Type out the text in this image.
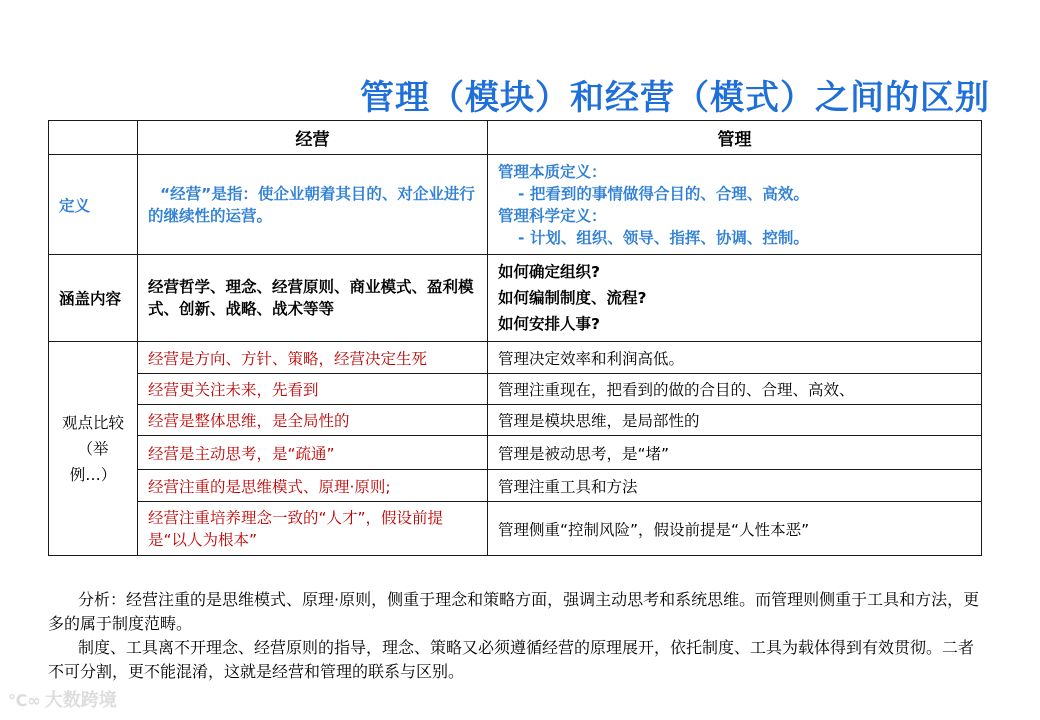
管理（模块）和经营（模式）之间的区别
	经营	管理
定义	“经营”是指：使企业朝着其目的、对企业进行的继续性的运营。	管理本质定义：

- 把看到的事情做得合目的、合理、高效。
管理科学定义：

- 计划、组织、领导、指挥、协调、控制。

涵盖内容	经营哲学、理念、经营原则、商业模式、盈利模式、创新、战略、战术等等	如何确定组织?
如何编制制度、流程?
如何安排人事?
观点比较
（举例…）	经营是方向、方针、策略，经营决定生死	管理决定效率和利润高低。
	经营更关注未来，先看到	管理注重现在，把看到的做的合目的、合理、高效、
	经营是整体思维，是全局性的	管理是模块思维，是局部性的
	经营是主动思考，是“疏通”	管理是被动思考，是“堵”
	经营注重的是思维模式、原理·原则;	管理注重工具和方法
	经营注重培养理念一致的“人才”，假设前提是“以人为根本”	管理侧重“控制风险”，假设前提是“人性本恶”

分析：经营注重的是思维模式、原理·原则，侧重于理念和策略方面，强调主动思考和系统思维。而管理则侧重于工具和方法，更多的属于制度范畴。

制度、工具离不开理念、经营原则的指导，理念、策略又必须遵循经营的原理展开，依托制度、工具为载体得到有效贯彻。二者不可分割，更不能混淆，这就是经营和管理的联系与区别。

℃∞ 大数跨境
